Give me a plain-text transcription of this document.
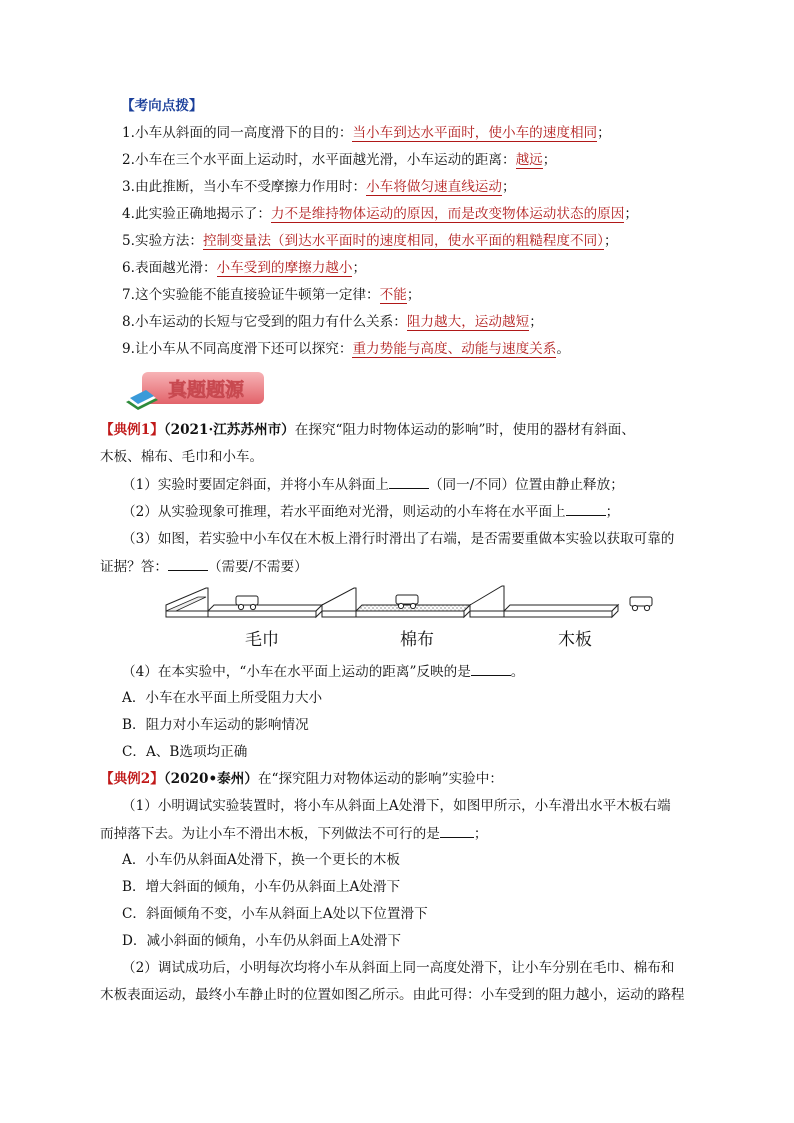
【考向点拨】
1.小车从斜面的同一高度滑下的目的：当小车到达水平面时，使小车的速度相同；
2.小车在三个水平面上运动时，水平面越光滑，小车运动的距离：越远；
3.由此推断，当小车不受摩擦力作用时：小车将做匀速直线运动；
4.此实验正确地揭示了：力不是维持物体运动的原因，而是改变物体运动状态的原因；
5.实验方法：控制变量法（到达水平面时的速度相同，使水平面的粗糙程度不同）；
6.表面越光滑：小车受到的摩擦力越小；
7.这个实验能不能直接验证牛顿第一定律：不能；
8.小车运动的长短与它受到的阻力有什么关系：阻力越大，运动越短；
9.让小车从不同高度滑下还可以探究：重力势能与高度、动能与速度关系。
真题题源
【典例1】（2021·江苏苏州市）在探究“阻力时物体运动的影响”时，使用的器材有斜面、
木板、棉布、毛巾和小车。
（1）实验时要固定斜面，并将小车从斜面上	（同一/不同）位置由静止释放；
（2）从实验现象可推理，若水平面绝对光滑，则运动的小车将在水平面上	；
（3）如图，若实验中小车仅在木板上滑行时滑出了右端，是否需要重做本实验以获取可靠的
证据？答：	（需要/不需要）
毛巾	棉布	木板
（4）在本实验中，“小车在水平面上运动的距离”反映的是	。
A．小车在水平面上所受阻力大小
B．阻力对小车运动的影响情况
C．A、B选项均正确
【典例2】（2020•泰州）在“探究阻力对物体运动的影响”实验中：
（1）小明调试实验装置时，将小车从斜面上A处滑下，如图甲所示，小车滑出水平木板右端
而掉落下去。为让小车不滑出木板，下列做法不可行的是	；
A．小车仍从斜面A处滑下，换一个更长的木板
B．增大斜面的倾角，小车仍从斜面上A处滑下
C．斜面倾角不变，小车从斜面上A处以下位置滑下
D．减小斜面的倾角，小车仍从斜面上A处滑下
（2）调试成功后，小明每次均将小车从斜面上同一高度处滑下，让小车分别在毛巾、棉布和
木板表面运动，最终小车静止时的位置如图乙所示。由此可得：小车受到的阻力越小，运动的路程
